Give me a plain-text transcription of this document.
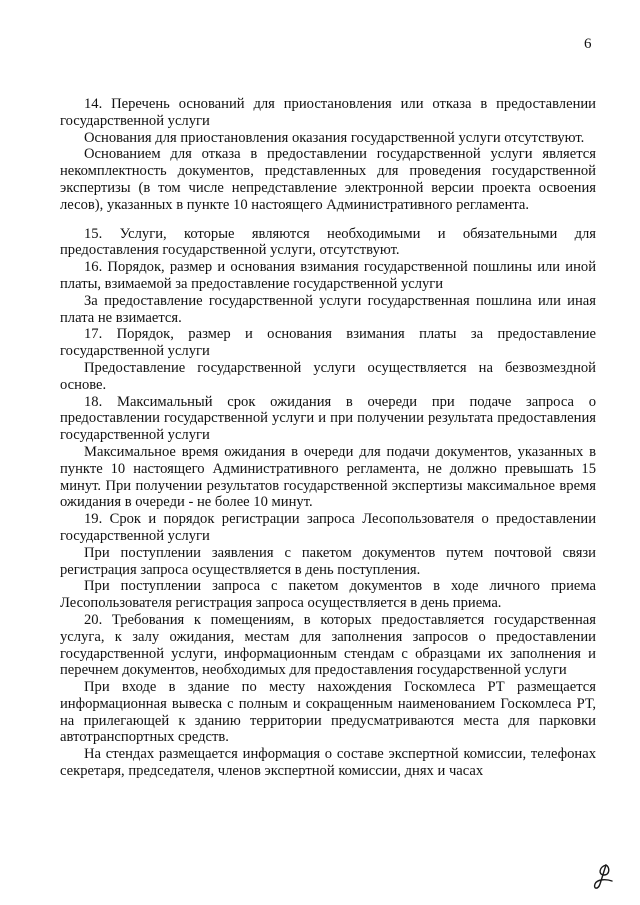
6

14. Перечень оснований для приостановления или отказа в предоставлении государственной услуги

Основания для приостановления оказания государственной услуги отсутствуют.

Основанием для отказа в предоставлении государственной услуги является некомплектность документов, представленных для проведения государственной экспертизы (в том числе непредставление электронной версии проекта освоения лесов), указанных в пункте 10 настоящего Административного регламента.

15. Услуги, которые являются необходимыми и обязательными для предоставления государственной услуги, отсутствуют.

16. Порядок, размер и основания взимания государственной пошлины или иной платы, взимаемой за предоставление государственной услуги

За предоставление государственной услуги государственная пошлина или иная плата не взимается.

17. Порядок, размер и основания взимания платы за предоставление государственной услуги

Предоставление государственной услуги осуществляется на безвозмездной основе.

18. Максимальный срок ожидания в очереди при подаче запроса о предоставлении государственной услуги и при получении результата предоставления государственной услуги

Максимальное время ожидания в очереди для подачи документов, указанных в пункте 10 настоящего Административного регламента, не должно превышать 15 минут. При получении результатов государственной экспертизы максимальное время ожидания в очереди - не более 10 минут.

19. Срок и порядок регистрации запроса Лесопользователя о предоставлении государственной услуги

При поступлении заявления с пакетом документов путем почтовой связи регистрация запроса осуществляется в день поступления.

При поступлении запроса с пакетом документов в ходе личного приема Лесопользователя регистрация запроса осуществляется в день приема.

20. Требования к помещениям, в которых предоставляется государственная услуга, к залу ожидания, местам для заполнения запросов о предоставлении государственной услуги, информационным стендам с образцами их заполнения и перечнем документов, необходимых для предоставления государственной услуги

При входе в здание по месту нахождения Госкомлеса РТ размещается информационная вывеска с полным и сокращенным наименованием Госкомлеса РТ, на прилегающей к зданию территории предусматриваются места для парковки автотранспортных средств.

На стендах размещается информация о составе экспертной комиссии, телефонах секретаря, председателя, членов экспертной комиссии, днях и часах
